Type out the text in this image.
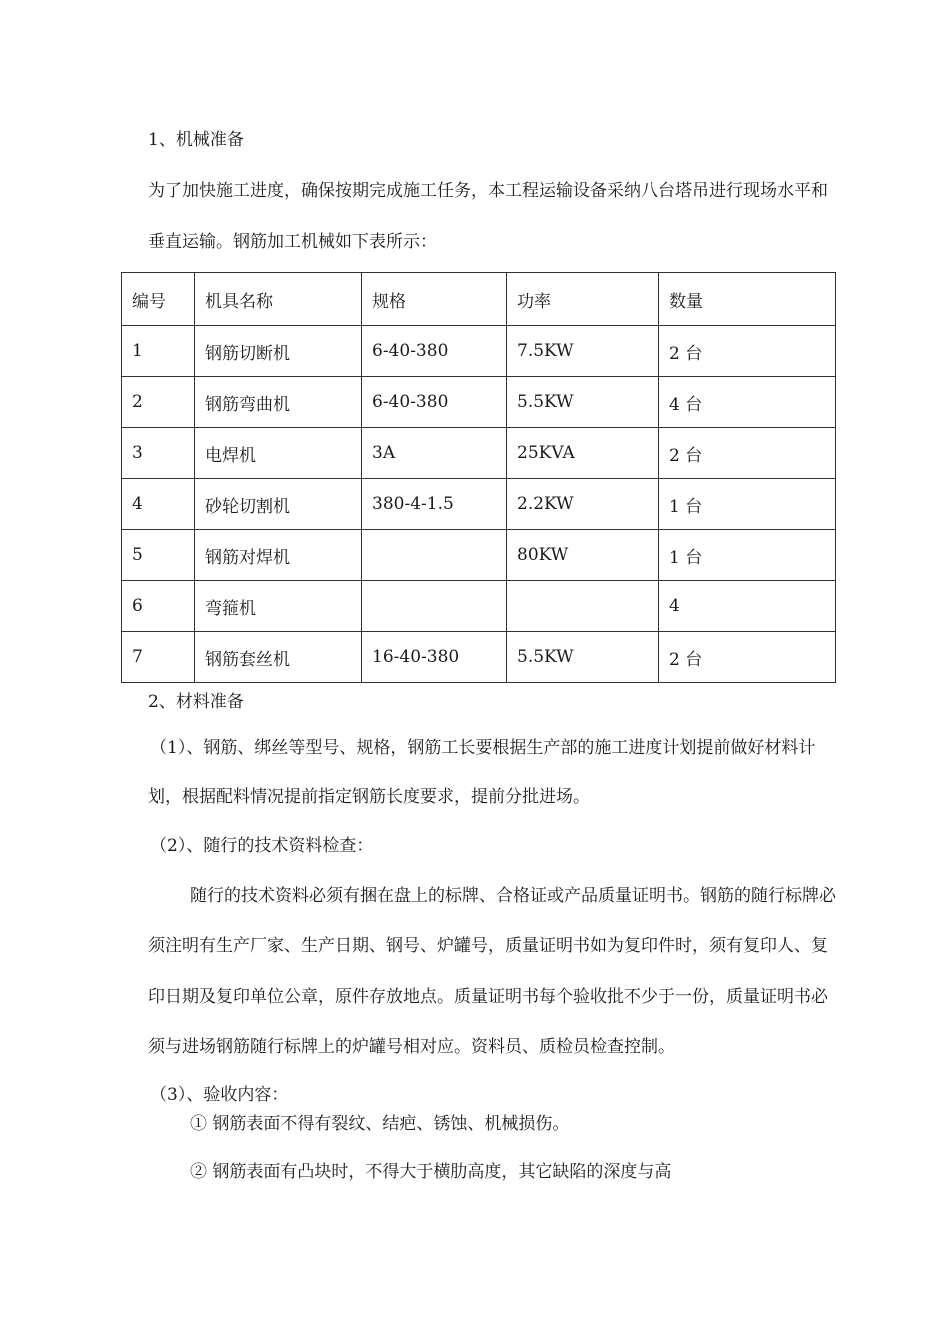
1、机械准备
为了加快施工进度，确保按期完成施工任务，本工程运输设备采纳八台塔吊进行现场水平和
垂直运输。钢筋加工机械如下表所示：
编号	机具名称	规格	功率	数量
1	钢筋切断机	6-40-380	7.5KW	2 台
2	钢筋弯曲机	6-40-380	5.5KW	4 台
3	电焊机	3A	25KVA	2 台
4	砂轮切割机	380-4-1.5	2.2KW	1 台
5	钢筋对焊机		80KW	1 台
6	弯箍机			4
7	钢筋套丝机	16-40-380	5.5KW	2 台
2、材料准备
（1）、钢筋、绑丝等型号、规格，钢筋工长要根据生产部的施工进度计划提前做好材料计
划，根据配料情况提前指定钢筋长度要求，提前分批进场。
（2）、随行的技术资料检查：
随行的技术资料必须有捆在盘上的标牌、合格证或产品质量证明书。钢筋的随行标牌必
须注明有生产厂家、生产日期、钢号、炉罐号，质量证明书如为复印件时，须有复印人、复
印日期及复印单位公章，原件存放地点。质量证明书每个验收批不少于一份，质量证明书必
须与进场钢筋随行标牌上的炉罐号相对应。资料员、质检员检查控制。
（3）、验收内容：
① 钢筋表面不得有裂纹、结疤、锈蚀、机械损伤。
② 钢筋表面有凸块时，不得大于横肋高度，其它缺陷的深度与高
